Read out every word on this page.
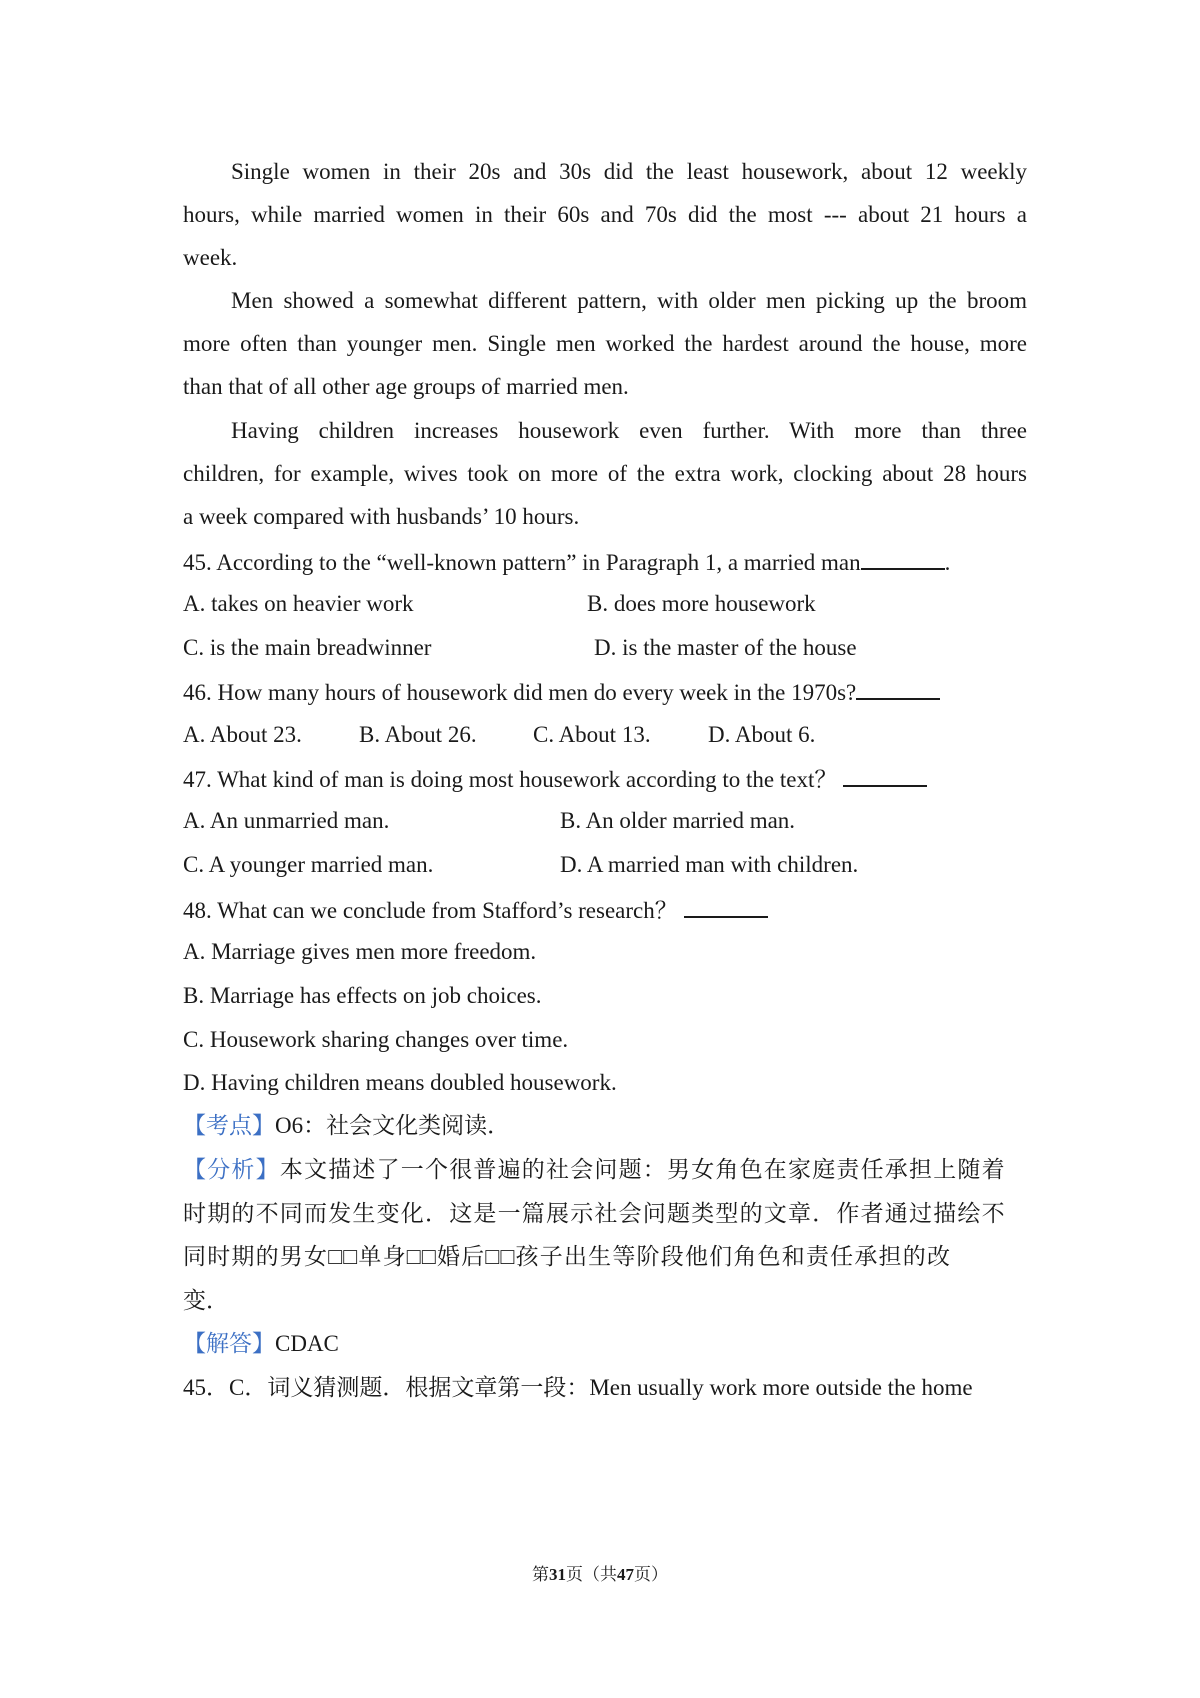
Single women in their 20s and 30s did the least housework, about 12 weekly
hours, while married women in their 60s and 70s did the most --- about 21 hours a
week.
Men showed a somewhat different pattern, with older men picking up the broom
more often than younger men. Single men worked the hardest around the house, more
than that of all other age groups of married men.
Having children increases housework even further. With more than three
children, for example, wives took on more of the extra work, clocking about 28 hours
a week compared with husbands’ 10 hours.
45. According to the “well-known pattern” in Paragraph 1, a married man	.
A. takes on heavier work	B. does more housework
C. is the main breadwinner	D. is the master of the house
46. How many hours of housework did men do every week in the 1970s?
A. About 23. B. About 26. C. About 13. D. About 6.
47. What kind of man is doing most housework according to the text？
A. An unmarried man.	B. An older married man.
C. A younger married man.	D. A married man with children.
48. What can we conclude from Stafford’s research？
A. Marriage gives men more freedom.
B. Marriage has effects on job choices.
C. Housework sharing changes over time.
D. Having children means doubled housework.
【考点】O6：社会文化类阅读．
【分析】本文描述了一个很普遍的社会问题：男女角色在家庭责任承担上随着
时期的不同而发生变化．这是一篇展示社会问题类型的文章．作者通过描绘不
同时期的男女□□单身□□婚后□□孩子出生等阶段他们角色和责任承担的改
变．
【解答】CDAC
45．C．词义猜测题．根据文章第一段：Men usually work more outside the home
第31页（共47页）
